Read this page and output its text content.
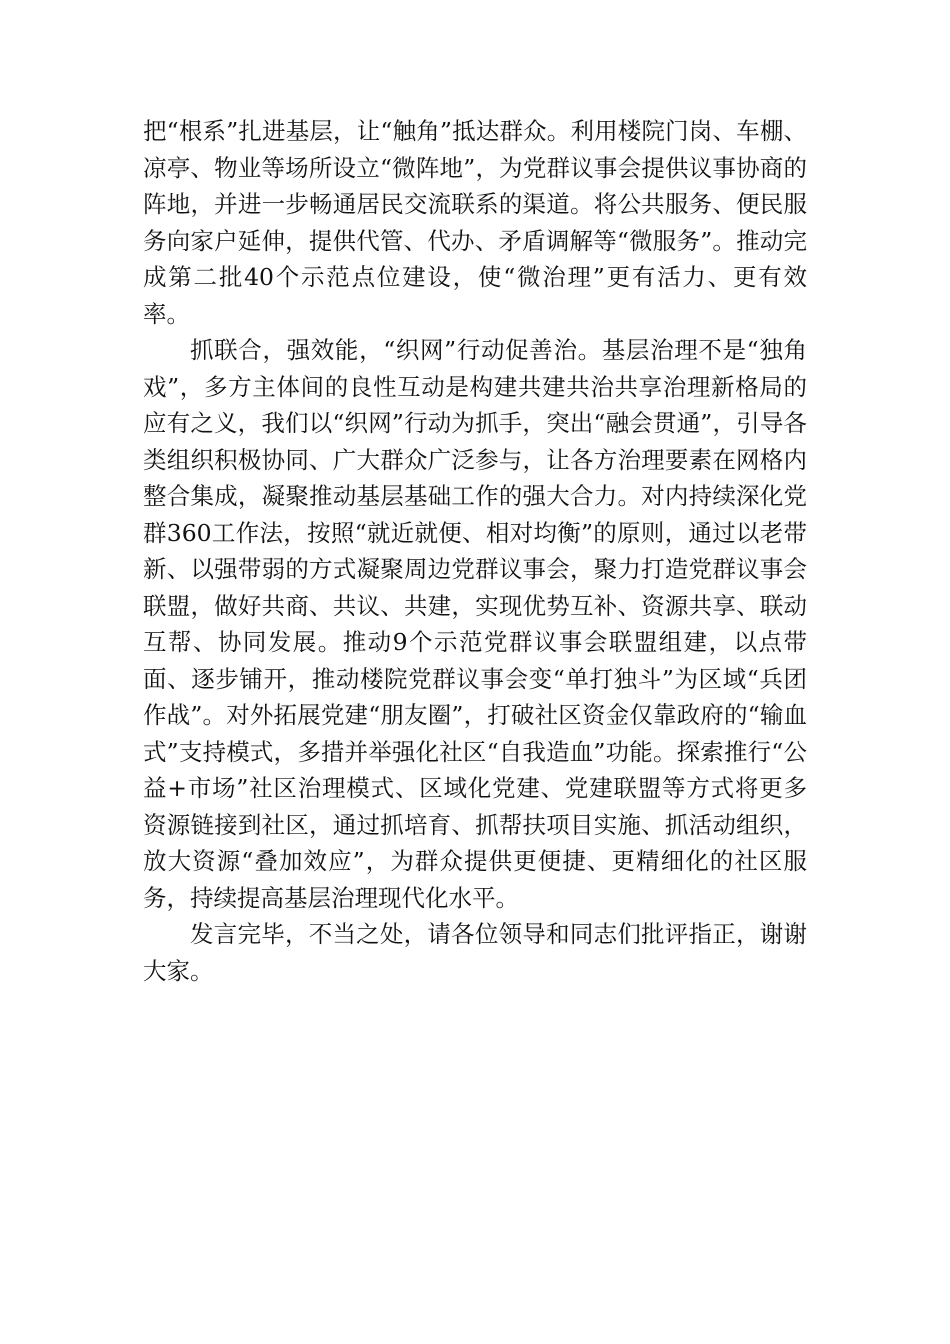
把“根系”扎进基层，让“触角”抵达群众。利用楼院门岗、车棚、凉亭、物业等场所设立“微阵地”，为党群议事会提供议事协商的阵地，并进一步畅通居民交流联系的渠道。将公共服务、便民服务向家户延伸，提供代管、代办、矛盾调解等“微服务”。推动完成第二批40个示范点位建设，使“微治理”更有活力、更有效率。

抓联合，强效能，“织网”行动促善治。基层治理不是“独角戏”，多方主体间的良性互动是构建共建共治共享治理新格局的应有之义，我们以“织网”行动为抓手，突出“融会贯通”，引导各类组织积极协同、广大群众广泛参与，让各方治理要素在网格内整合集成，凝聚推动基层基础工作的强大合力。对内持续深化党群360工作法，按照“就近就便、相对均衡”的原则，通过以老带新、以强带弱的方式凝聚周边党群议事会，聚力打造党群议事会联盟，做好共商、共议、共建，实现优势互补、资源共享、联动互帮、协同发展。推动9个示范党群议事会联盟组建，以点带面、逐步铺开，推动楼院党群议事会变“单打独斗”为区域“兵团作战”。对外拓展党建“朋友圈”，打破社区资金仅靠政府的“输血式”支持模式，多措并举强化社区“自我造血”功能。探索推行“公益+市场”社区治理模式、区域化党建、党建联盟等方式将更多资源链接到社区，通过抓培育、抓帮扶项目实施、抓活动组织，放大资源“叠加效应”，为群众提供更便捷、更精细化的社区服务，持续提高基层治理现代化水平。

发言完毕，不当之处，请各位领导和同志们批评指正，谢谢大家。
